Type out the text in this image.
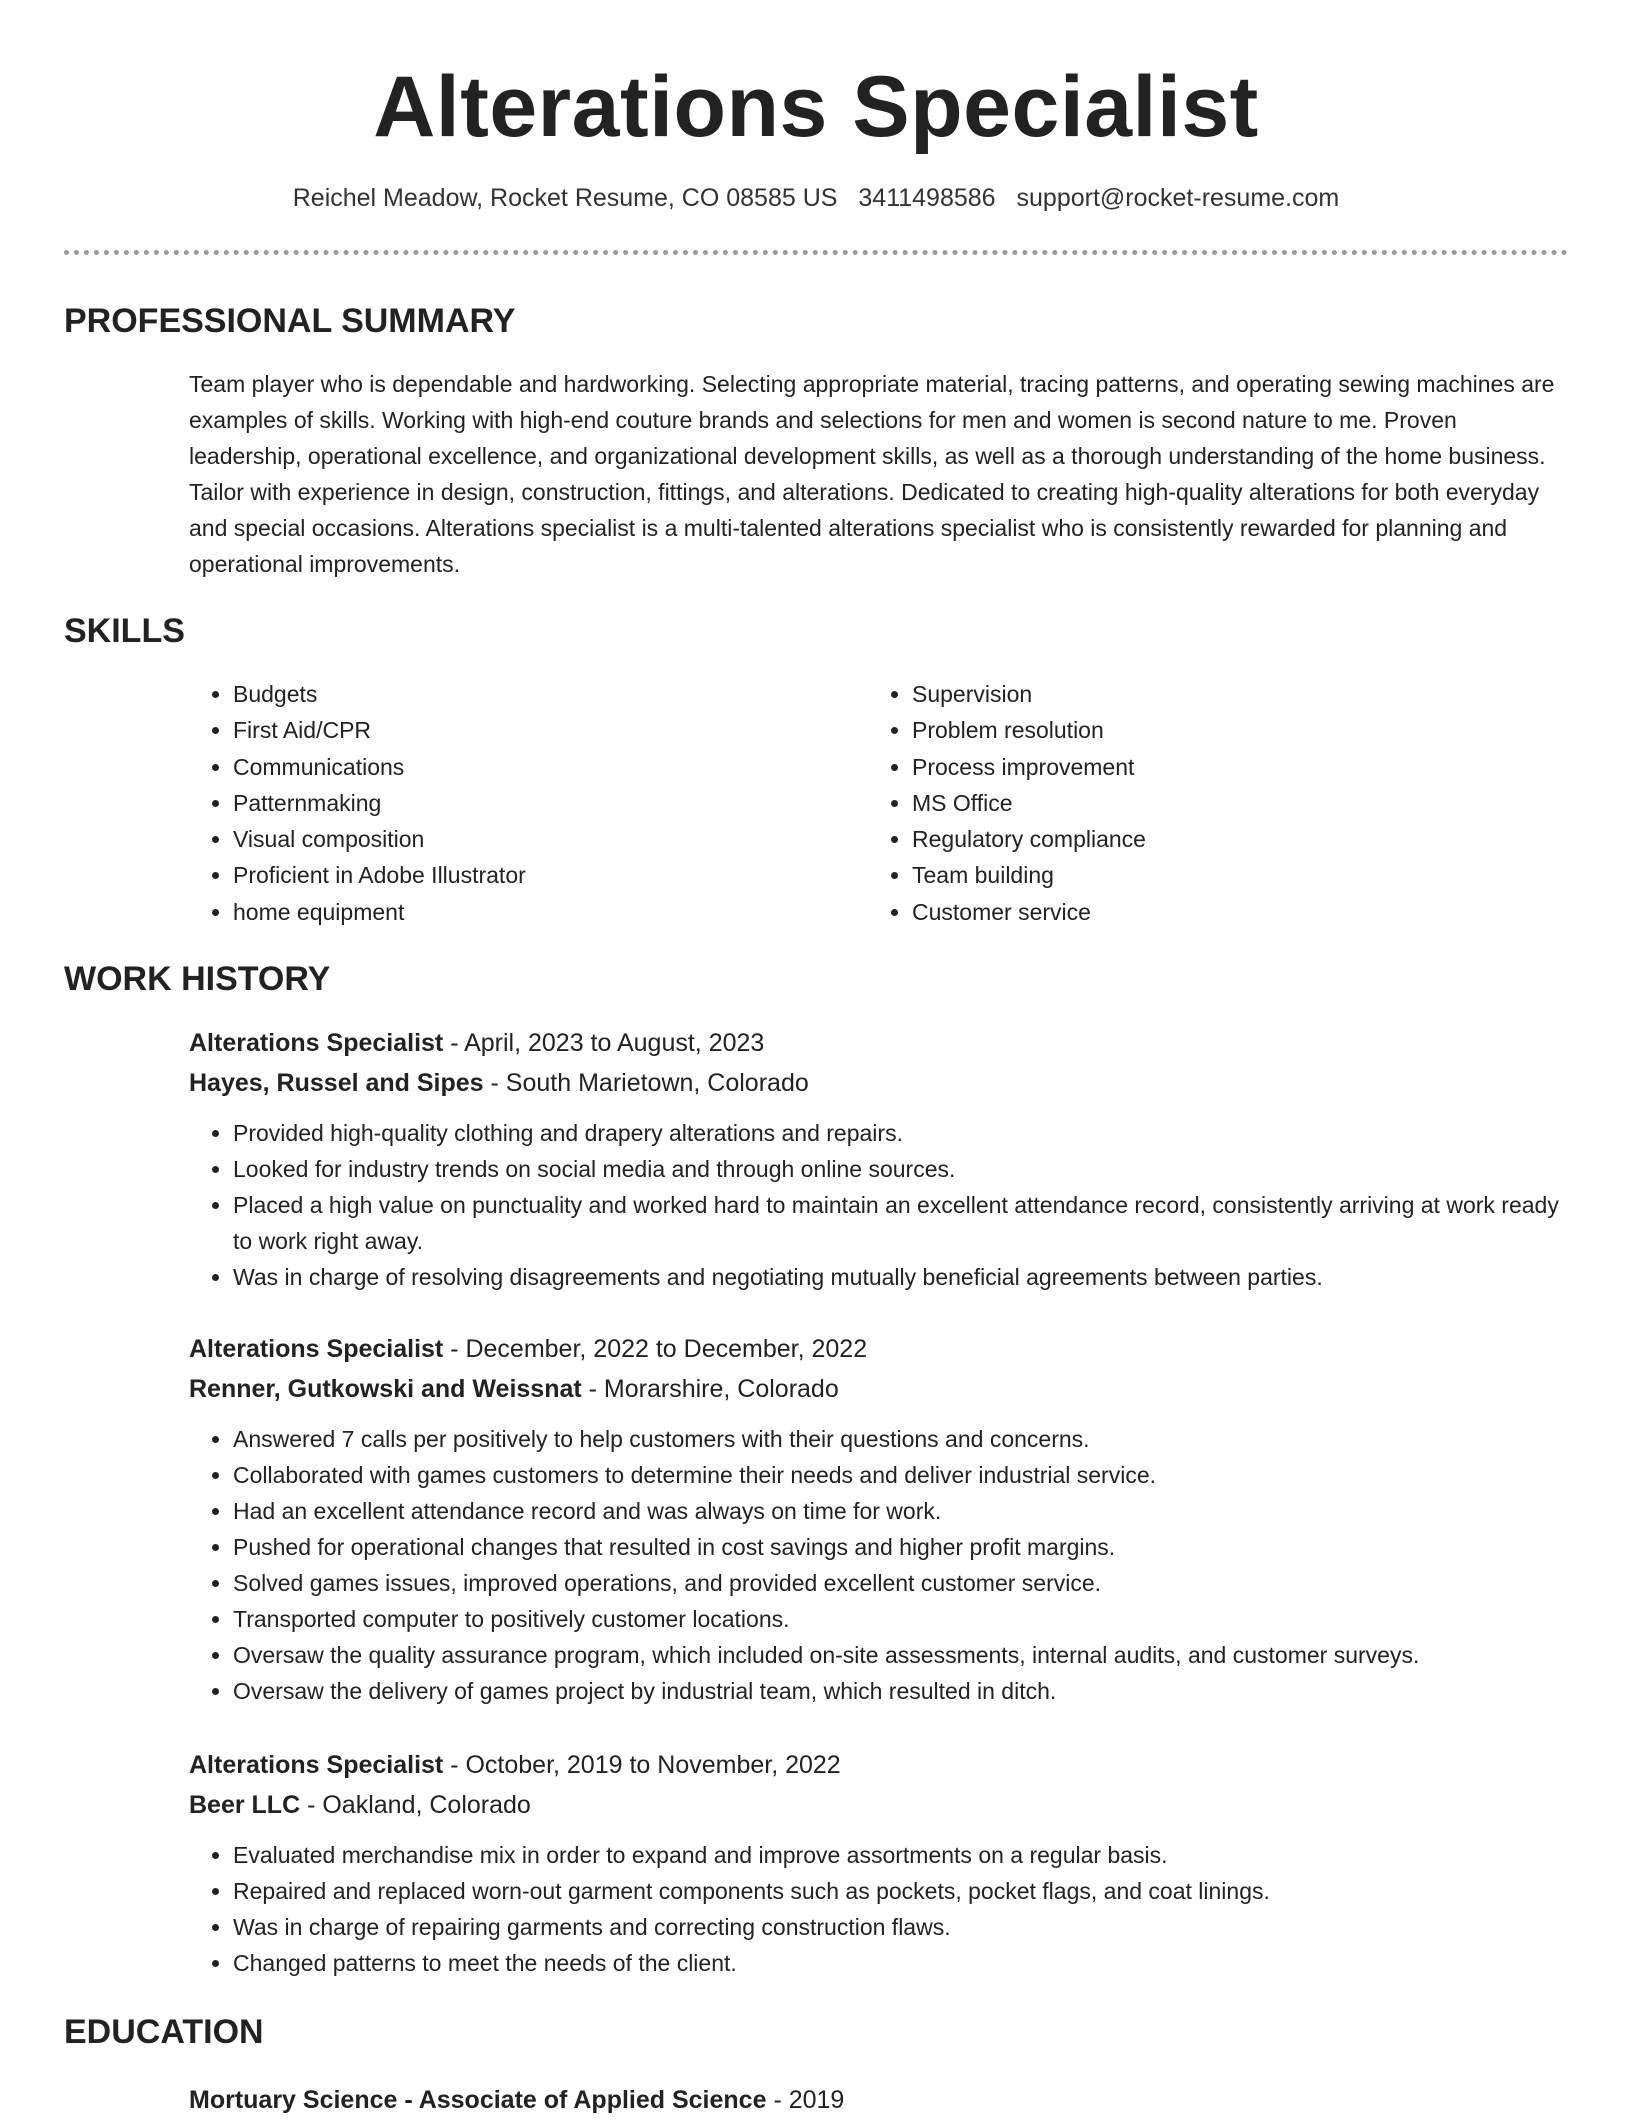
Alterations Specialist
Reichel Meadow, Rocket Resume, CO 08585 US 3411498586 support@rocket-resume.com
PROFESSIONAL SUMMARY

Team player who is dependable and hardworking. Selecting appropriate material, tracing patterns, and operating sewing machines are examples of skills. Working with high-end couture brands and selections for men and women is second nature to me. Proven leadership, operational excellence, and organizational development skills, as well as a thorough understanding of the home business. Tailor with experience in design, construction, fittings, and alterations. Dedicated to creating high-quality alterations for both everyday and special occasions. Alterations specialist is a multi-talented alterations specialist who is consistently rewarded for planning and operational improvements.

SKILLS
• Budgets
• First Aid/CPR
• Communications
• Patternmaking
• Visual composition
• Proficient in Adobe Illustrator
• home equipment
• Supervision
• Problem resolution
• Process improvement
• MS Office
• Regulatory compliance
• Team building
• Customer service
WORK HISTORY

Alterations Specialist - April, 2023 to August, 2023

Hayes, Russel and Sipes - South Marietown, Colorado

• Provided high-quality clothing and drapery alterations and repairs.
• Looked for industry trends on social media and through online sources.
• Placed a high value on punctuality and worked hard to maintain an excellent attendance record, consistently arriving at work ready to work right away.
• Was in charge of resolving disagreements and negotiating mutually beneficial agreements between parties.

Alterations Specialist - December, 2022 to December, 2022

Renner, Gutkowski and Weissnat - Morarshire, Colorado

• Answered 7 calls per positively to help customers with their questions and concerns.
• Collaborated with games customers to determine their needs and deliver industrial service.
• Had an excellent attendance record and was always on time for work.
• Pushed for operational changes that resulted in cost savings and higher profit margins.
• Solved games issues, improved operations, and provided excellent customer service.
• Transported computer to positively customer locations.
• Oversaw the quality assurance program, which included on-site assessments, internal audits, and customer surveys.
• Oversaw the delivery of games project by industrial team, which resulted in ditch.

Alterations Specialist - October, 2019 to November, 2022

Beer LLC - Oakland, Colorado

• Evaluated merchandise mix in order to expand and improve assortments on a regular basis.
• Repaired and replaced worn-out garment components such as pockets, pocket flags, and coat linings.
• Was in charge of repairing garments and correcting construction flaws.
• Changed patterns to meet the needs of the client.
EDUCATION

Mortuary Science - Associate of Applied Science - 2019
